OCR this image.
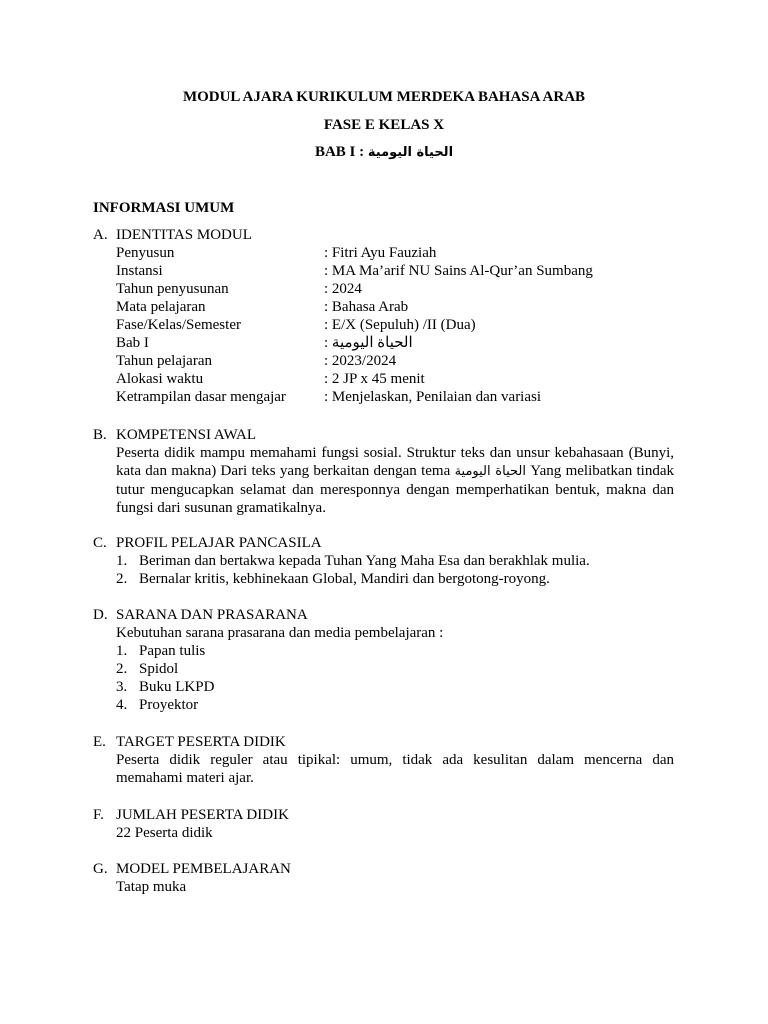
MODUL AJARA KURIKULUM MERDEKA BAHASA ARAB
FASE E KELAS X
BAB I : الحياة اليومية
INFORMASI UMUM
A. IDENTITAS MODUL
Penyusun	: Fitri Ayu Fauziah
Instansi	: MA Ma’arif NU Sains Al-Qur’an Sumbang
Tahun penyusunan	: 2024
Mata pelajaran	: Bahasa Arab
Fase/Kelas/Semester	: E/X (Sepuluh) /II (Dua)
Bab I	: الحياة اليومية
Tahun pelajaran	: 2023/2024
Alokasi waktu	: 2 JP x 45 menit
Ketrampilan dasar mengajar	: Menjelaskan, Penilaian dan variasi
B. KOMPETENSI AWAL
Peserta didik mampu memahami fungsi sosial. Struktur teks dan unsur kebahasaan (Bunyi, kata dan makna) Dari teks yang berkaitan dengan tema الحياة اليومية Yang melibatkan tindak tutur mengucapkan selamat dan meresponnya dengan memperhatikan bentuk, makna dan fungsi dari susunan gramatikalnya.
C. PROFIL PELAJAR PANCASILA
1. Beriman dan bertakwa kepada Tuhan Yang Maha Esa dan berakhlak mulia.
2. Bernalar kritis, kebhinekaan Global, Mandiri dan bergotong-royong.
D. SARANA DAN PRASARANA
Kebutuhan sarana prasarana dan media pembelajaran :
1. Papan tulis
2. Spidol
3. Buku LKPD
4. Proyektor
E. TARGET PESERTA DIDIK
Peserta didik reguler atau tipikal: umum, tidak ada kesulitan dalam mencerna dan memahami materi ajar.
F. JUMLAH PESERTA DIDIK
22 Peserta didik
G. MODEL PEMBELAJARAN
Tatap muka
